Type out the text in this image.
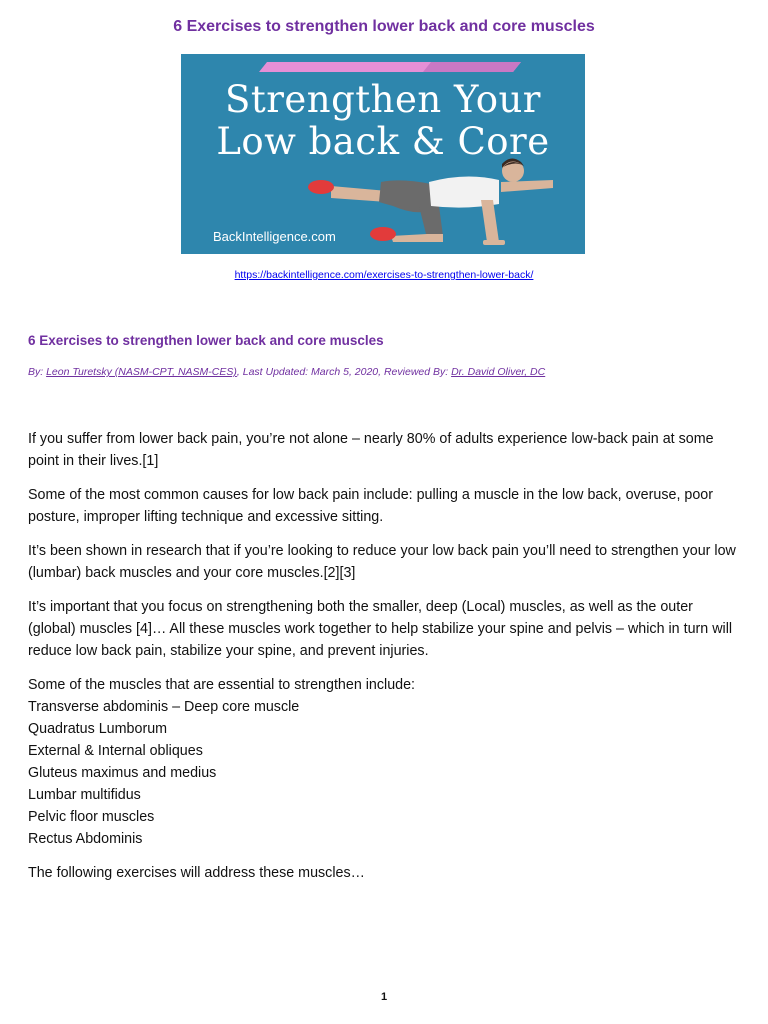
6 Exercises to strengthen lower back and core muscles
Strengthen Your
Low back & Core
BackIntelligence.com
https://backintelligence.com/exercises-to-strengthen-lower-back/
6 Exercises to strengthen lower back and core muscles
By: Leon Turetsky (NASM-CPT, NASM-CES), Last Updated: March 5, 2020, Reviewed By: Dr. David Oliver, DC

If you suffer from lower back pain, you’re not alone – nearly 80% of adults experience low-back pain at some point in their lives.[1]

Some of the most common causes for low back pain include: pulling a muscle in the low back, overuse, poor posture, improper lifting technique and excessive sitting.

It’s been shown in research that if you’re looking to reduce your low back pain you’ll need to strengthen your low (lumbar) back muscles and your core muscles.[2][3]

It’s important that you focus on strengthening both the smaller, deep (Local) muscles, as well as the outer (global) muscles [4]… All these muscles work together to help stabilize your spine and pelvis – which in turn will reduce low back pain, stabilize your spine, and prevent injuries.

Some of the muscles that are essential to strengthen include:
Transverse abdominis – Deep core muscle
Quadratus Lumborum
External & Internal obliques
Gluteus maximus and medius
Lumbar multifidus
Pelvic floor muscles
Rectus Abdominis

The following exercises will address these muscles…

1
